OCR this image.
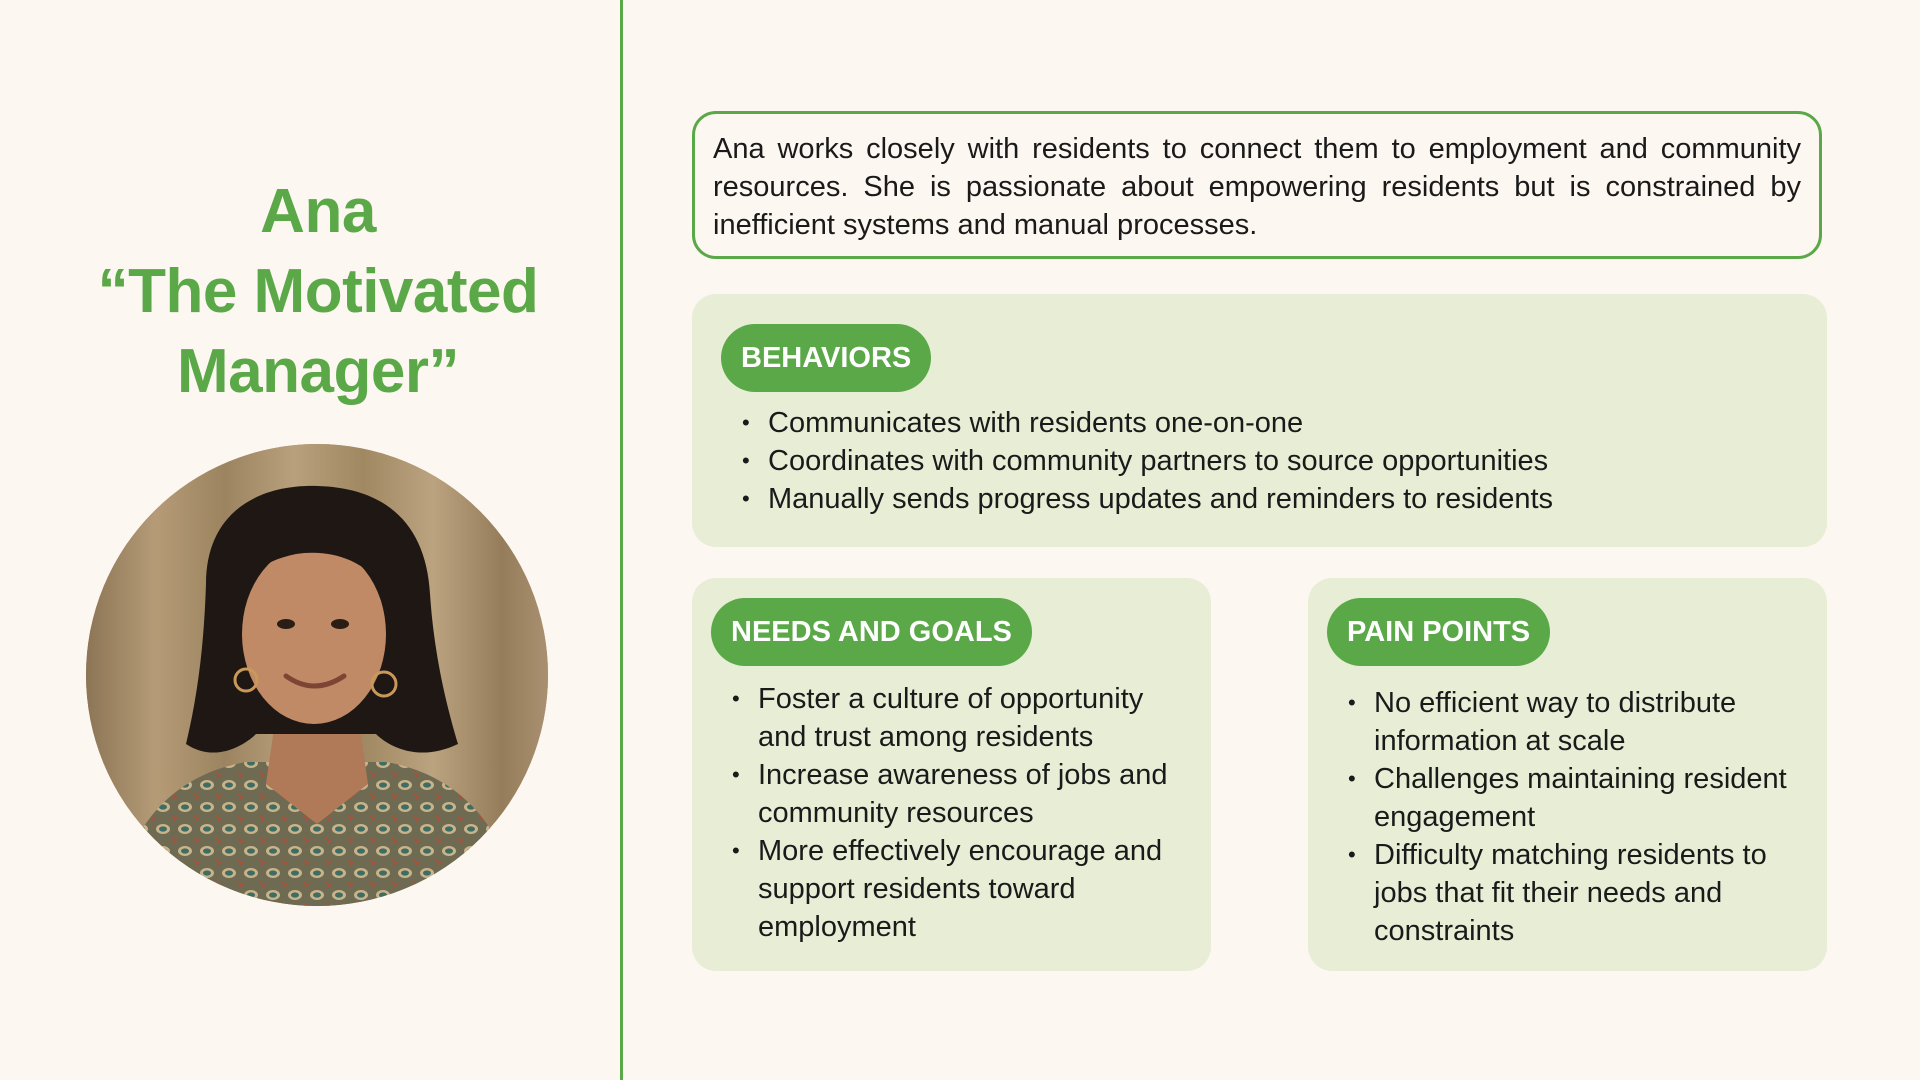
Ana
“The Motivated
Manager”
Ana works closely with residents to connect them to employment and community resources. She is passionate about empowering residents but is constrained by inefficient systems and manual processes.
BEHAVIORS
• Communicates with residents one-on-one
• Coordinates with community partners to source opportunities
• Manually sends progress updates and reminders to residents
NEEDS AND GOALS
• Foster a culture of opportunity and trust among residents
• Increase awareness of jobs and community resources
• More effectively encourage and support residents toward employment
PAIN POINTS
• No efficient way to distribute information at scale
• Challenges maintaining resident engagement
• Difficulty matching residents to jobs that fit their needs and constraints
